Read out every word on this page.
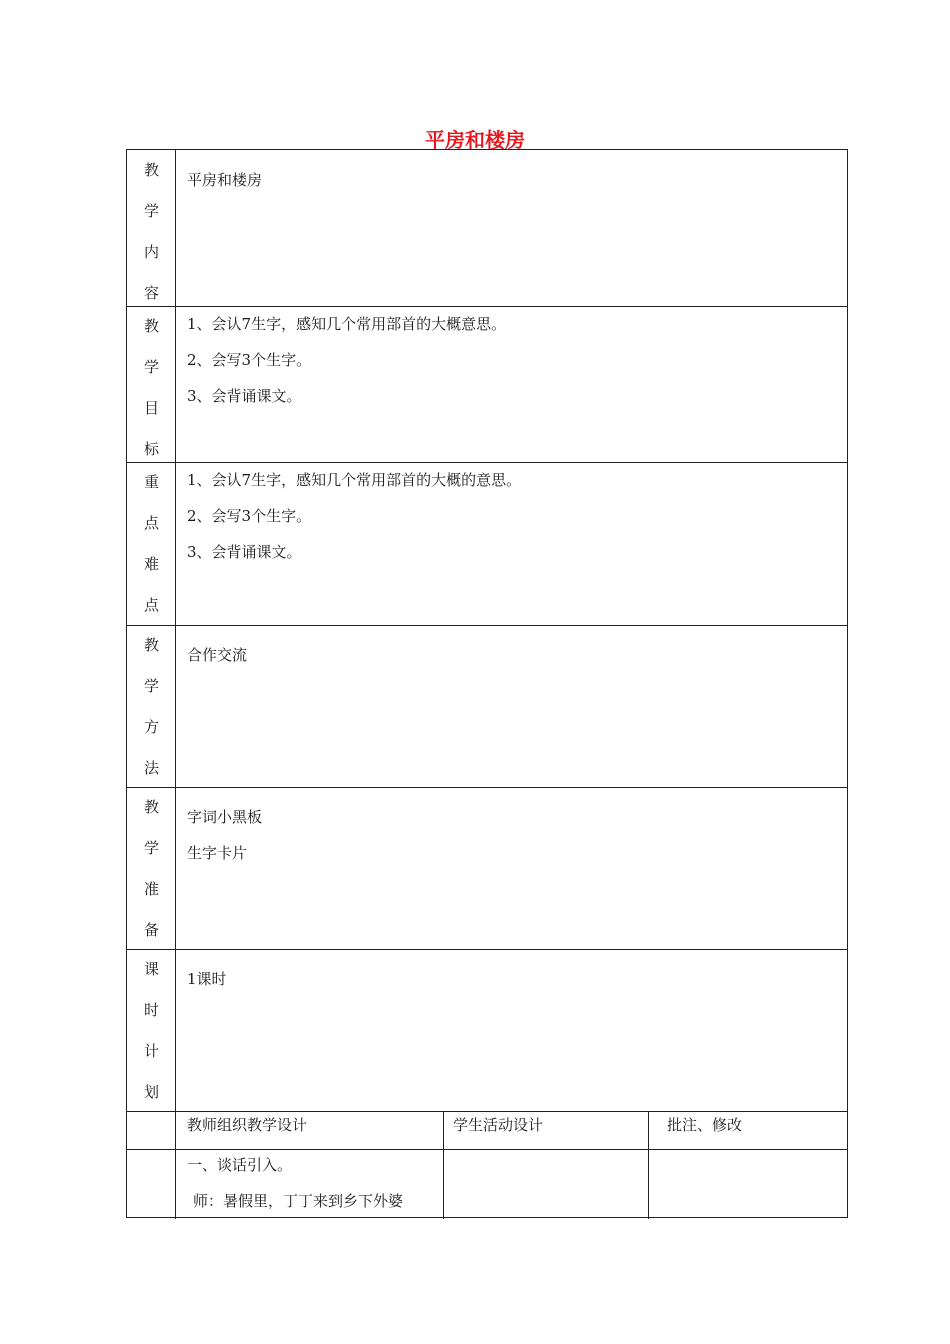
平房和楼房
教
学
内
容
平房和楼房
教
学
目
标
1、会认7生字，感知几个常用部首的大概意思。
2、会写3个生字。
3、会背诵课文。
重
点
难
点
1、会认7生字，感知几个常用部首的大概的意思。
2、会写3个生字。
3、会背诵课文。
教
学
方
法
合作交流
教
学
准
备
字词小黑板
生字卡片
课
时
计
划
1课时
教师组织教学设计	学生活动设计	批注、修改
一、谈话引入。
师：暑假里，丁丁来到乡下外婆
